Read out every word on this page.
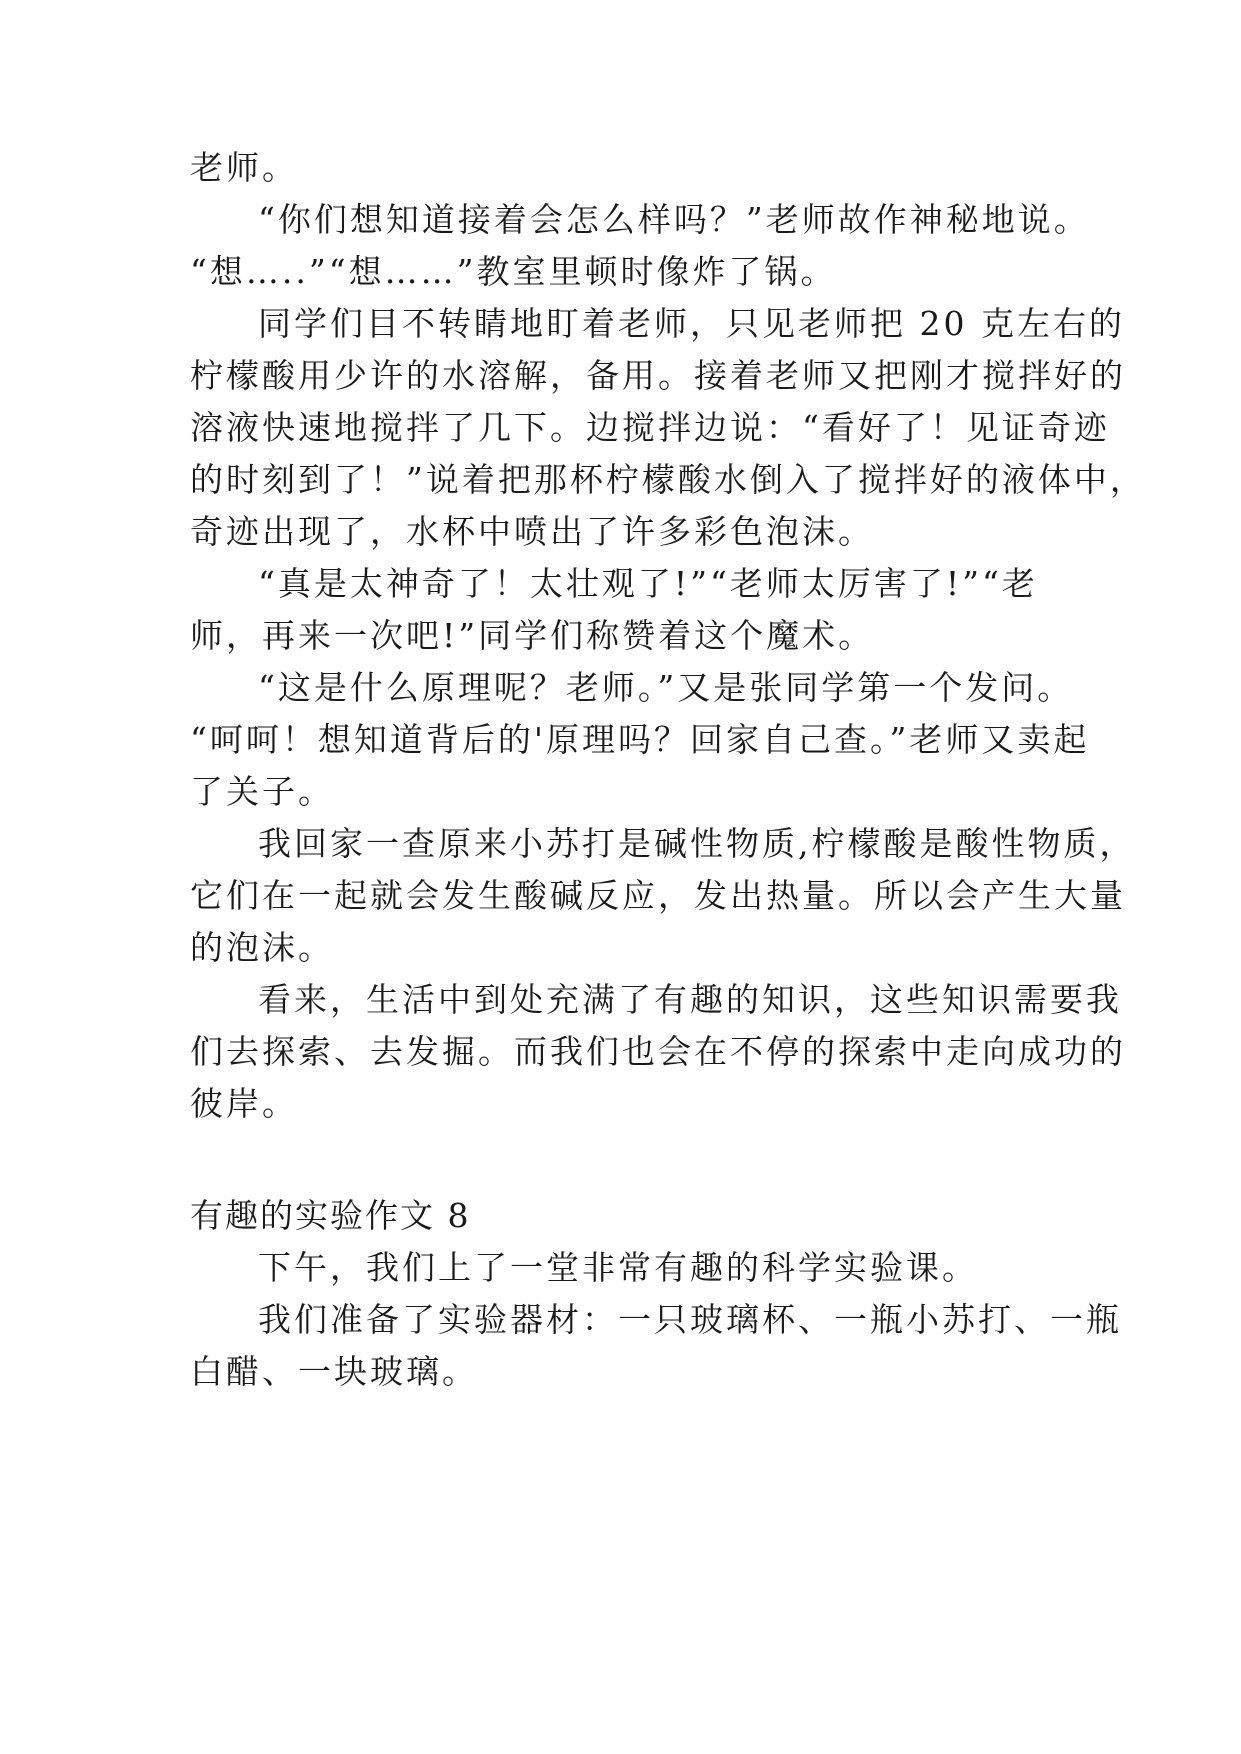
老师。

“你们想知道接着会怎么样吗？”老师故作神秘地说。

“想…..”“想……”教室里顿时像炸了锅。

同学们目不转睛地盯着老师，只见老师把 20 克左右的

柠檬酸用少许的水溶解，备用。接着老师又把刚才搅拌好的

溶液快速地搅拌了几下。边搅拌边说：“看好了！见证奇迹

的时刻到了！”说着把那杯柠檬酸水倒入了搅拌好的液体中，

奇迹出现了，水杯中喷出了许多彩色泡沫。

“真是太神奇了！太壮观了!”“老师太厉害了!”“老

师，再来一次吧!”同学们称赞着这个魔术。

“这是什么原理呢？老师。”又是张同学第一个发问。

“呵呵！想知道背后的'原理吗？回家自己查。”老师又卖起

了关子。

我回家一查原来小苏打是碱性物质,柠檬酸是酸性物质，

它们在一起就会发生酸碱反应，发出热量。所以会产生大量

的泡沫。

看来，生活中到处充满了有趣的知识，这些知识需要我

们去探索、去发掘。而我们也会在不停的探索中走向成功的

彼岸。

有趣的实验作文 8

下午，我们上了一堂非常有趣的科学实验课。

我们准备了实验器材：一只玻璃杯、一瓶小苏打、一瓶

白醋、一块玻璃。
